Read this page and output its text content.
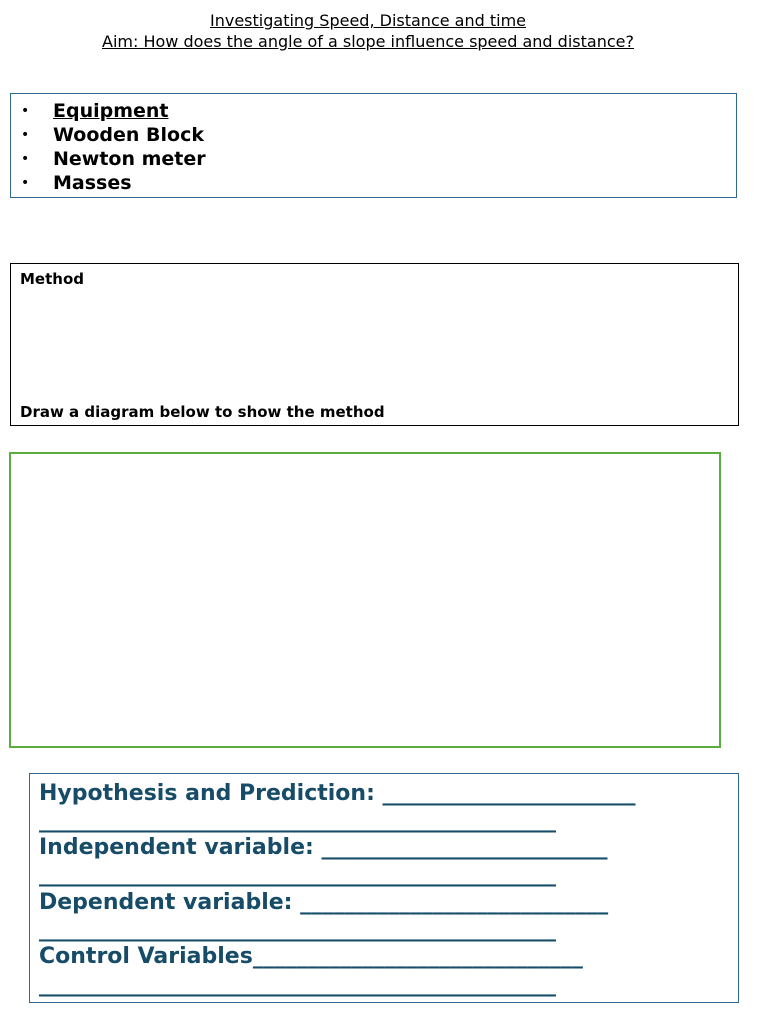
Investigating Speed, Distance and time
Aim: How does the angle of a slope influence speed and distance?
• Equipment
• Wooden Block
• Newton meter
• Masses
Method
Draw a diagram below to show the method
Hypothesis and Prediction: _______________________
_______________________________________________
Independent variable: __________________________
_______________________________________________
Dependent variable: ____________________________
_______________________________________________
Control Variables______________________________
_______________________________________________
